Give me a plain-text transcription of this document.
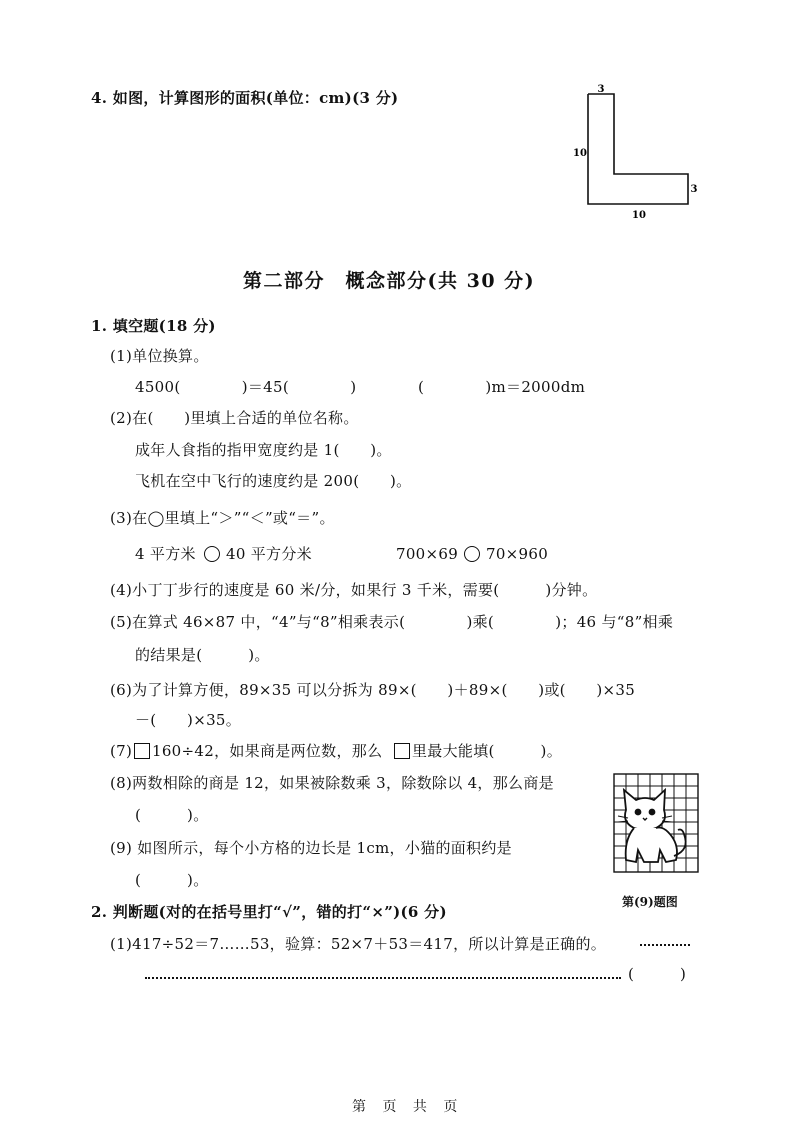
4. 如图，计算图形的面积(单位：cm)(3 分)	3
10
3
10
第二部分　概念部分(共 30 分)
1. 填空题(18 分)
(1)单位换算。
4500(　　　　)＝45(　　　　)	(　　　　)m＝2000dm
(2)在(　　)里填上合适的单位名称。
成年人食指的指甲宽度约是 1(　　)。
飞机在空中飞行的速度约是 200(　　)。
(3)在◯里填上“＞”“＜”或“＝”。
4 平方米 40 平方分米	700×69 70×960
(4)小丁丁步行的速度是 60 米/分，如果行 3 千米，需要(　　　)分钟。
(5)在算式 46×87 中，“4”与“8”相乘表示(　　　　)乘(　　　　)；46 与“8”相乘
的结果是(　　　)。
(6)为了计算方便，89×35 可以分拆为 89×(　　)＋89×(　　)或(　　)×35
－(　　)×35。
(7) 160÷42，如果商是两位数，那么 里最大能填(　　　)。
(8)两数相除的商是 12，如果被除数乘 3，除数除以 4，那么商是
(　　　)。
(9) 如图所示，每个小方格的边长是 1cm，小猫的面积约是
(　　　)。
第(9)题图
2. 判断题(对的在括号里打“√”，错的打“×”)(6 分)
(1)417÷52＝7……53，验算：52×7＋53＝417，所以计算是正确的。
(　　　)
第 页 共 页
